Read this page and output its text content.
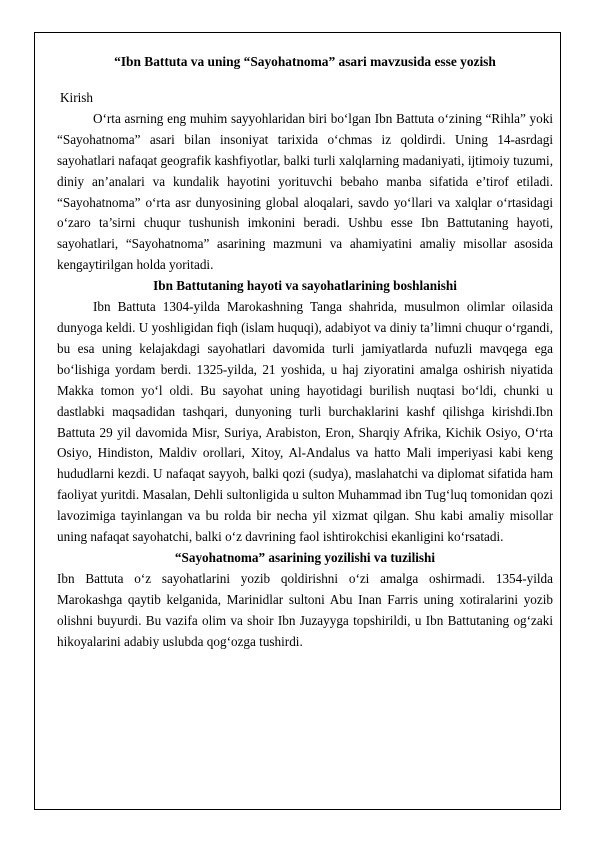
“Ibn Battuta va uning “Sayohatnoma” asari mavzusida esse yozish

Kirish

O‘rta asrning eng muhim sayyohlaridan biri bo‘lgan Ibn Battuta o‘zining “Rihla” yoki “Sayohatnoma” asari bilan insoniyat tarixida o‘chmas iz qoldirdi. Uning 14-asrdagi sayohatlari nafaqat geografik kashfiyotlar, balki turli xalqlarning madaniyati, ijtimoiy tuzumi, diniy an’analari va kundalik hayotini yorituvchi bebaho manba sifatida e’tirof etiladi. “Sayohatnoma” o‘rta asr dunyosining global aloqalari, savdo yo‘llari va xalqlar o‘rtasidagi o‘zaro ta’sirni chuqur tushunish imkonini beradi. Ushbu esse Ibn Battutaning hayoti, sayohatlari, “Sayohatnoma” asarining mazmuni va ahamiyatini amaliy misollar asosida kengaytirilgan holda yoritadi.

Ibn Battutaning hayoti va sayohatlarining boshlanishi

Ibn Battuta 1304-yilda Marokashning Tanga shahrida, musulmon olimlar oilasida dunyoga keldi. U yoshligidan fiqh (islam huquqi), adabiyot va diniy ta’limni chuqur o‘rgandi, bu esa uning kelajakdagi sayohatlari davomida turli jamiyatlarda nufuzli mavqega ega bo‘lishiga yordam berdi. 1325-yilda, 21 yoshida, u haj ziyoratini amalga oshirish niyatida Makka tomon yo‘l oldi. Bu sayohat uning hayotidagi burilish nuqtasi bo‘ldi, chunki u dastlabki maqsadidan tashqari, dunyoning turli burchaklarini kashf qilishga kirishdi.Ibn Battuta 29 yil davomida Misr, Suriya, Arabiston, Eron, Sharqiy Afrika, Kichik Osiyo, O‘rta Osiyo, Hindiston, Maldiv orollari, Xitoy, Al-Andalus va hatto Mali imperiyasi kabi keng hududlarni kezdi. U nafaqat sayyoh, balki qozi (sudya), maslahatchi va diplomat sifatida ham faoliyat yuritdi. Masalan, Dehli sultonligida u sulton Muhammad ibn Tug‘luq tomonidan qozi lavozimiga tayinlangan va bu rolda bir necha yil xizmat qilgan. Shu kabi amaliy misollar uning nafaqat sayohatchi, balki o‘z davrining faol ishtirokchisi ekanligini ko‘rsatadi.

“Sayohatnoma” asarining yozilishi va tuzilishi

Ibn Battuta o‘z sayohatlarini yozib qoldirishni o‘zi amalga oshirmadi. 1354-yilda Marokashga qaytib kelganida, Marinidlar sultoni Abu Inan Farris uning xotiralarini yozib olishni buyurdi. Bu vazifa olim va shoir Ibn Juzayyga topshirildi, u Ibn Battutaning og‘zaki hikoyalarini adabiy uslubda qog‘ozga tushirdi.
